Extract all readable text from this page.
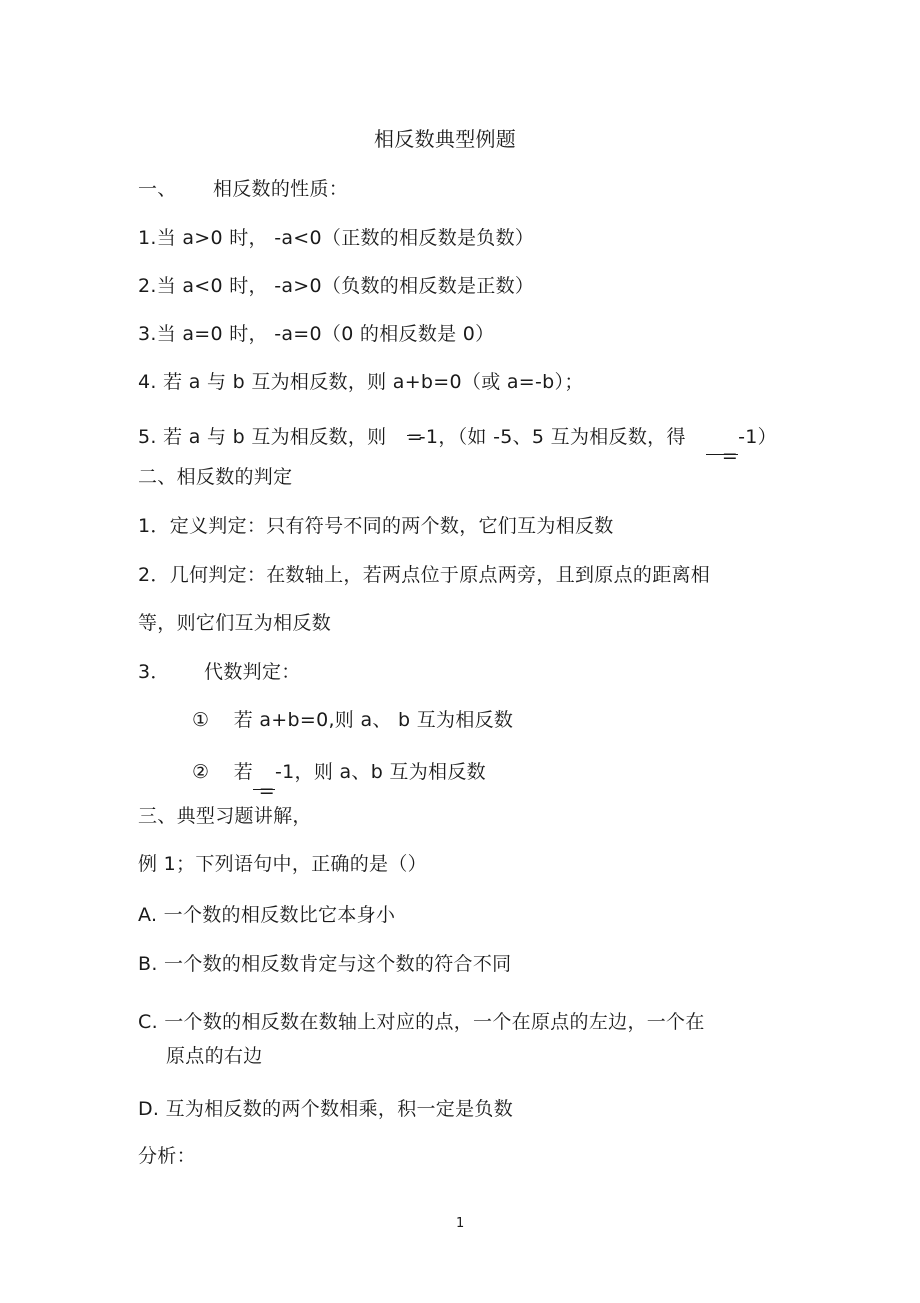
相反数典型例题
一、 相反数的性质：
1.当 a>0 时， -a<0（正数的相反数是负数）
2.当 a<0 时， -a>0（负数的相反数是正数）
3.当 a=0 时， -a=0（0 的相反数是 0）
4. 若 a 与 b 互为相反数，则 a+b=0（或 a=-b）；
5. 若 a 与 b 互为相反数，则 =-1，（如 -5、5 互为相反数，得
=
-1）
二、相反数的判定
1．定义判定：只有符号不同的两个数，它们互为相反数
2．几何判定：在数轴上，若两点位于原点两旁，且到原点的距离相
等，则它们互为相反数
3． 代数判定：
① 若 a+b=0,则 a、 b 互为相反数
② 若
=
-1，则 a、b 互为相反数
三、典型习题讲解，
例 1；下列语句中，正确的是（）
A. 一个数的相反数比它本身小
B. 一个数的相反数肯定与这个数的符合不同
C. 一个数的相反数在数轴上对应的点，一个在原点的左边，一个在
原点的右边
D. 互为相反数的两个数相乘，积一定是负数
分析：
1
